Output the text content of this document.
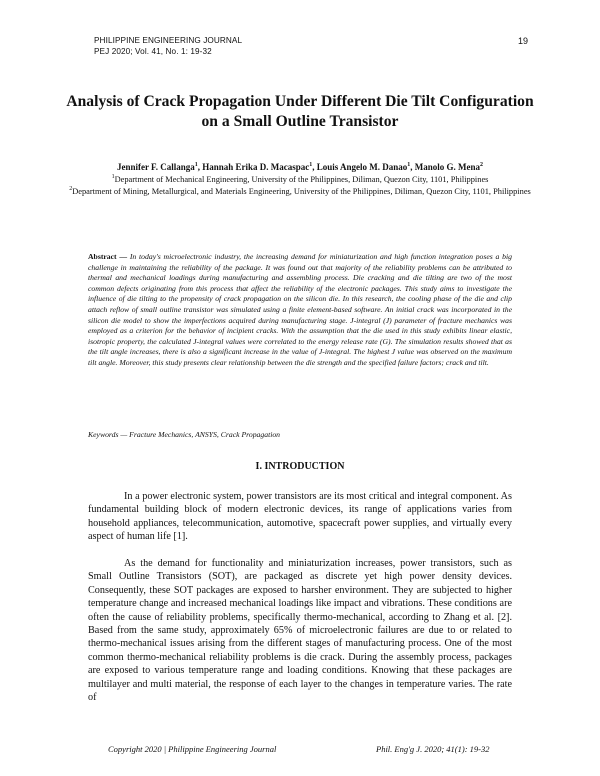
PHILIPPINE ENGINEERING JOURNAL
PEJ 2020; Vol. 41, No. 1: 19-32
19
Analysis of Crack Propagation Under Different Die Tilt Configuration on a Small Outline Transistor
Jennifer F. Callanga$^1$, Hannah Erika D. Macaspac$^1$, Louis Angelo M. Danao$^1$, Manolo G. Mena$^2$
$^1$Department of Mechanical Engineering, University of the Philippines, Diliman, Quezon City, 1101, Philippines
$^2$Department of Mining, Metallurgical, and Materials Engineering, University of the Philippines, Diliman, Quezon City, 1101, Philippines
Abstract — In today's microelectronic industry, the increasing demand for miniaturization and high function integration poses a big challenge in maintaining the reliability of the package. It was found out that majority of the reliability problems can be attributed to thermal and mechanical loadings during manufacturing and assembling process. Die cracking and die tilting are two of the most common defects originating from this process that affect the reliability of the electronic packages. This study aims to investigate the influence of die tilting to the propensity of crack propagation on the silicon die. In this research, the cooling phase of the die and clip attach reflow of small outline transistor was simulated using a finite element-based software. An initial crack was incorporated in the silicon die model to show the imperfections acquired during manufacturing stage. J-integral (J) parameter of fracture mechanics was employed as a criterion for the behavior of incipient cracks. With the assumption that the die used in this study exhibits linear elastic, isotropic property, the calculated J-integral values were correlated to the energy release rate (G). The simulation results showed that as the tilt angle increases, there is also a significant increase in the value of J-integral. The highest J value was observed on the maximum tilt angle. Moreover, this study presents clear relationship between the die strength and the specified failure factors; crack and tilt.
Keywords — Fracture Mechanics, ANSYS, Crack Propagation
I. INTRODUCTION
In a power electronic system, power transistors are its most critical and integral component. As fundamental building block of modern electronic devices, its range of applications varies from household appliances, telecommunication, automotive, spacecraft power supplies, and virtually every aspect of human life [1].
As the demand for functionality and miniaturization increases, power transistors, such as Small Outline Transistors (SOT), are packaged as discrete yet high power density devices. Consequently, these SOT packages are exposed to harsher environment. They are subjected to higher temperature change and increased mechanical loadings like impact and vibrations. These conditions are often the cause of reliability problems, specifically thermo-mechanical, according to Zhang et al. [2]. Based from the same study, approximately 65% of microelectronic failures are due to or related to thermo-mechanical issues arising from the different stages of manufacturing process. One of the most common thermo-mechanical reliability problems is die crack. During the assembly process, packages are exposed to various temperature range and loading conditions. Knowing that these packages are multilayer and multi material, the response of each layer to the changes in temperature varies. The rate of
Copyright 2020 | Philippine Engineering Journal	Phil. Eng'g J. 2020; 41(1): 19-32
